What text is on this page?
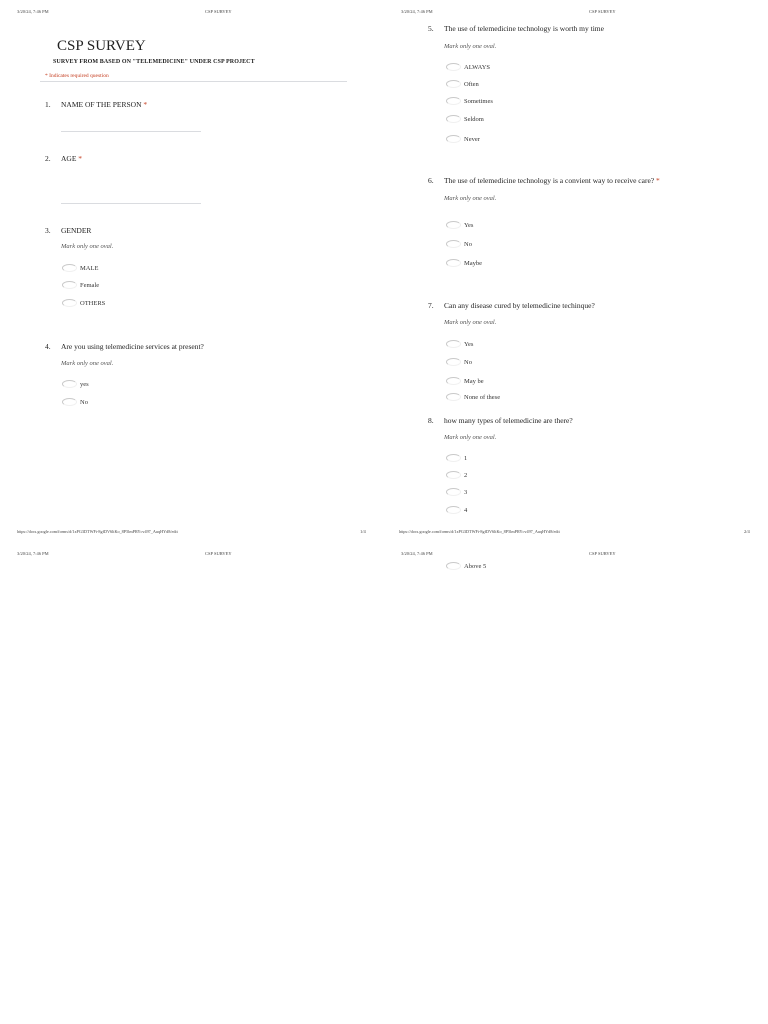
3/20/24, 7:46 PM	CSP SURVEY
CSP SURVEY
SURVEY FROM BASED ON "TELEMEDICINE" UNDER CSP PROJECT
* Indicates required question
1. NAME OF THE PERSON *
2. AGE *
3. GENDER
Mark only one oval.
MALE
Female
OTHERS
4. Are you using telemedicine services at present?
Mark only one oval.
yes
No
https://docs.google.com/forms/d/1xPG3DTWFi-8gfDV6ltKo_8P5lmPRYcv497_AuqHYd8/edit	1/4
3/20/24, 7:46 PM	CSP SURVEY
5. The use of telemedicine technology is worth my time
Mark only one oval.
ALWAYS
Often
Sometimes
Seldom
Never
6. The use of telemedicine technology is a convient way to receive care? *
Mark only one oval.
Yes
No
Maybe
7. Can any disease cured by telemedicine techinque?
Mark only one oval.
Yes
No
May be
None of these
8. how many types of telemedicine are there?
Mark only one oval.
1
2
3
4
https://docs.google.com/forms/d/1xPG3DTWFi-8gfDV6ltKo_8P5lmPRYcv497_AuqHYd8/edit	2/4
3/20/24, 7:46 PM	CSP SURVEY	3/20/24, 7:46 PM	CSP SURVEY
Above 5
